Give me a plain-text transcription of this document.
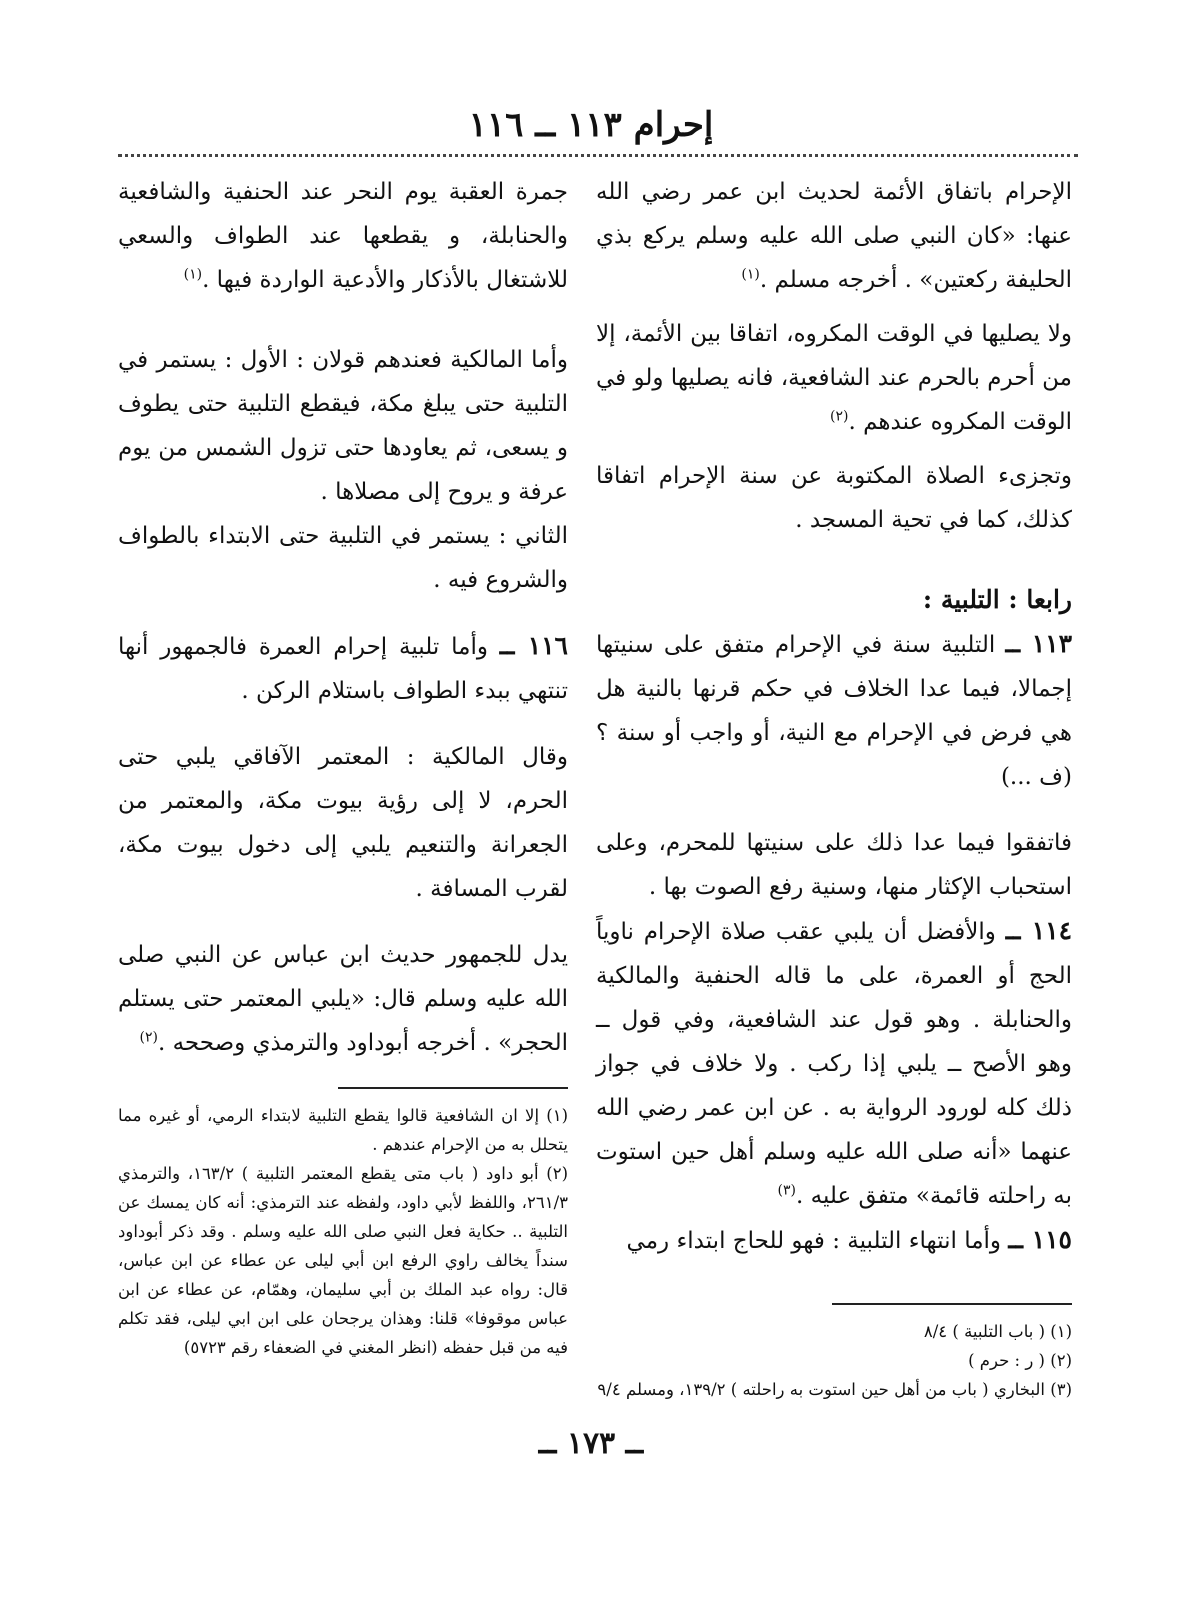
إحرام ١١٣ ــ ١١٦

الإحرام باتفاق الأئمة لحديث ابن عمر رضي الله عنها: «كان النبي صلى الله عليه وسلم يركع بذي الحليفة ركعتين» . أخرجه مسلم .$^{(١)}$

ولا يصليها في الوقت المكروه، اتفاقا بين الأئمة، إلا من أحرم بالحرم عند الشافعية، فانه يصليها ولو في الوقت المكروه عندهم .$^{(٢)}$

وتجزىء الصلاة المكتوبة عن سنة الإحرام اتفاقا كذلك، كما في تحية المسجد .

رابعا : التلبية :

١١٣ ــ التلبية سنة في الإحرام متفق على سنيتها إجمالا، فيما عدا الخلاف في حكم قرنها بالنية هل هي فرض في الإحرام مع النية، أو واجب أو سنة ؟ (ف ...)

فاتفقوا فيما عدا ذلك على سنيتها للمحرم، وعلى استحباب الإكثار منها، وسنية رفع الصوت بها .

١١٤ ــ والأفضل أن يلبي عقب صلاة الإحرام ناوياً الحج أو العمرة، على ما قاله الحنفية والمالكية والحنابلة . وهو قول عند الشافعية، وفي قول ــ وهو الأصح ــ يلبي إذا ركب . ولا خلاف في جواز ذلك كله لورود الرواية به . عن ابن عمر رضي الله عنهما «أنه صلى الله عليه وسلم أهل حين استوت به راحلته قائمة» متفق عليه .$^{(٣)}$

١١٥ ــ وأما انتهاء التلبية : فهو للحاج ابتداء رمي

(١) ( باب التلبية ) ٨/٤

(٢) ( ر : حرم )

(٣) البخاري ( باب من أهل حين استوت به راحلته ) ١٣٩/٢، ومسلم ٩/٤

جمرة العقبة يوم النحر عند الحنفية والشافعية والحنابلة، و يقطعها عند الطواف والسعي للاشتغال بالأذكار والأدعية الواردة فيها .$^{(١)}$

وأما المالكية فعندهم قولان : الأول : يستمر في التلبية حتى يبلغ مكة، فيقطع التلبية حتى يطوف و يسعى، ثم يعاودها حتى تزول الشمس من يوم عرفة و يروح إلى مصلاها .

الثاني : يستمر في التلبية حتى الابتداء بالطواف والشروع فيه .

١١٦ ــ وأما تلبية إحرام العمرة فالجمهور أنها تنتهي ببدء الطواف باستلام الركن .

وقال المالكية : المعتمر الآفاقي يلبي حتى الحرم، لا إلى رؤية بيوت مكة، والمعتمر من الجعرانة والتنعيم يلبي إلى دخول بيوت مكة، لقرب المسافة .

يدل للجمهور حديث ابن عباس عن النبي صلى الله عليه وسلم قال: «يلبي المعتمر حتى يستلم الحجر» . أخرجه أبوداود والترمذي وصححه .$^{(٢)}$

(١) إلا ان الشافعية قالوا يقطع التلبية لابتداء الرمي، أو غيره مما يتحلل به من الإحرام عندهم .

(٢) أبو داود ( باب متى يقطع المعتمر التلبية ) ١٦٣/٢، والترمذي ٢٦١/٣، واللفظ لأبي داود، ولفظه عند الترمذي: أنه كان يمسك عن التلبية .. حكاية فعل النبي صلى الله عليه وسلم . وقد ذكر أبوداود سنداً يخالف راوي الرفع ابن أبي ليلى عن عطاء عن ابن عباس، قال: رواه عبد الملك بن أبي سليمان، وهمّام، عن عطاء عن ابن عباس موقوفا» قلنا: وهذان يرجحان على ابن ابي ليلى، فقد تكلم فيه من قبل حفظه (انظر المغني في الضعفاء رقم ٥٧٢٣)

ــ ١٧٣ ــ
